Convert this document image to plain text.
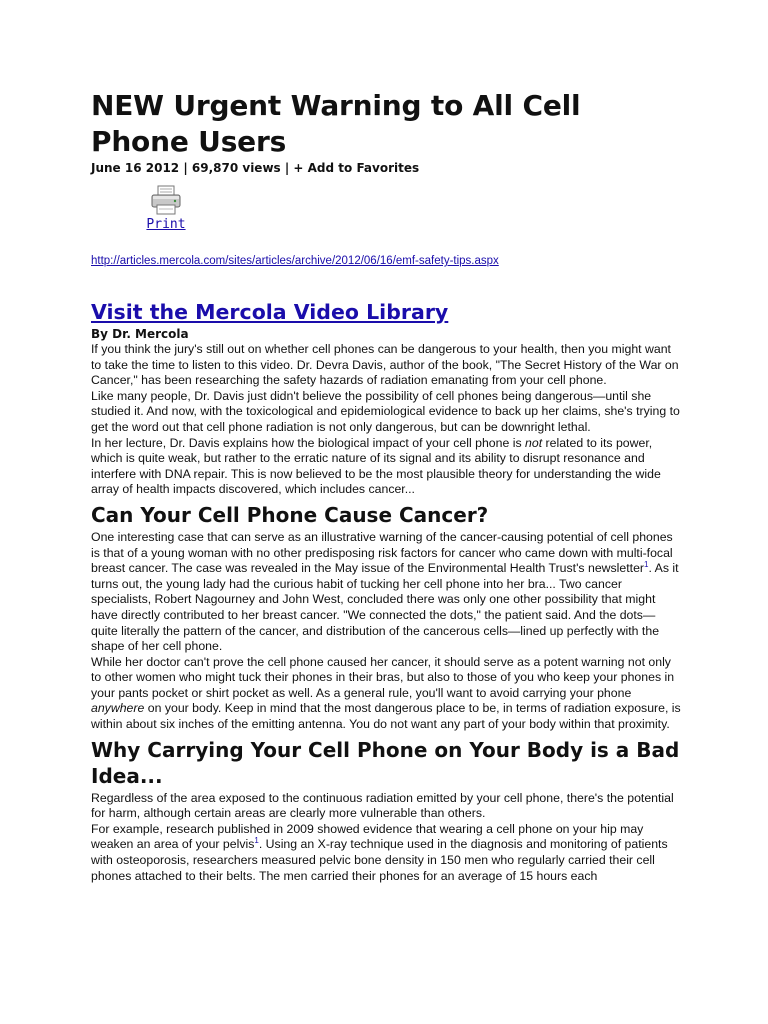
NEW Urgent Warning to All Cell Phone Users
June 16 2012 | 69,870 views | + Add to Favorites
Print
http://articles.mercola.com/sites/articles/archive/2012/06/16/emf-safety-tips.aspx
Visit the Mercola Video Library
By Dr. Mercola

If you think the jury's still out on whether cell phones can be dangerous to your health, then you might want to take the time to listen to this video. Dr. Devra Davis, author of the book, "The Secret History of the War on Cancer," has been researching the safety hazards of radiation emanating from your cell phone.

Like many people, Dr. Davis just didn't believe the possibility of cell phones being dangerous—until she studied it. And now, with the toxicological and epidemiological evidence to back up her claims, she's trying to get the word out that cell phone radiation is not only dangerous, but can be downright lethal.

In her lecture, Dr. Davis explains how the biological impact of your cell phone is not related to its power, which is quite weak, but rather to the erratic nature of its signal and its ability to disrupt resonance and interfere with DNA repair. This is now believed to be the most plausible theory for understanding the wide array of health impacts discovered, which includes cancer...

Can Your Cell Phone Cause Cancer?

One interesting case that can serve as an illustrative warning of the cancer-causing potential of cell phones is that of a young woman with no other predisposing risk factors for cancer who came down with multi-focal breast cancer. The case was revealed in the May issue of the Environmental Health Trust's newsletter$^1$. As it turns out, the young lady had the curious habit of tucking her cell phone into her bra... Two cancer specialists, Robert Nagourney and John West, concluded there was only one other possibility that might have directly contributed to her breast cancer. "We connected the dots," the patient said. And the dots—quite literally the pattern of the cancer, and distribution of the cancerous cells—lined up perfectly with the shape of her cell phone.

While her doctor can't prove the cell phone caused her cancer, it should serve as a potent warning not only to other women who might tuck their phones in their bras, but also to those of you who keep your phones in your pants pocket or shirt pocket as well. As a general rule, you'll want to avoid carrying your phone anywhere on your body. Keep in mind that the most dangerous place to be, in terms of radiation exposure, is within about six inches of the emitting antenna. You do not want any part of your body within that proximity.

Why Carrying Your Cell Phone on Your Body is a Bad Idea...

Regardless of the area exposed to the continuous radiation emitted by your cell phone, there's the potential for harm, although certain areas are clearly more vulnerable than others.

For example, research published in 2009 showed evidence that wearing a cell phone on your hip may weaken an area of your pelvis$^1$. Using an X-ray technique used in the diagnosis and monitoring of patients with osteoporosis, researchers measured pelvic bone density in 150 men who regularly carried their cell phones attached to their belts. The men carried their phones for an average of 15 hours each
